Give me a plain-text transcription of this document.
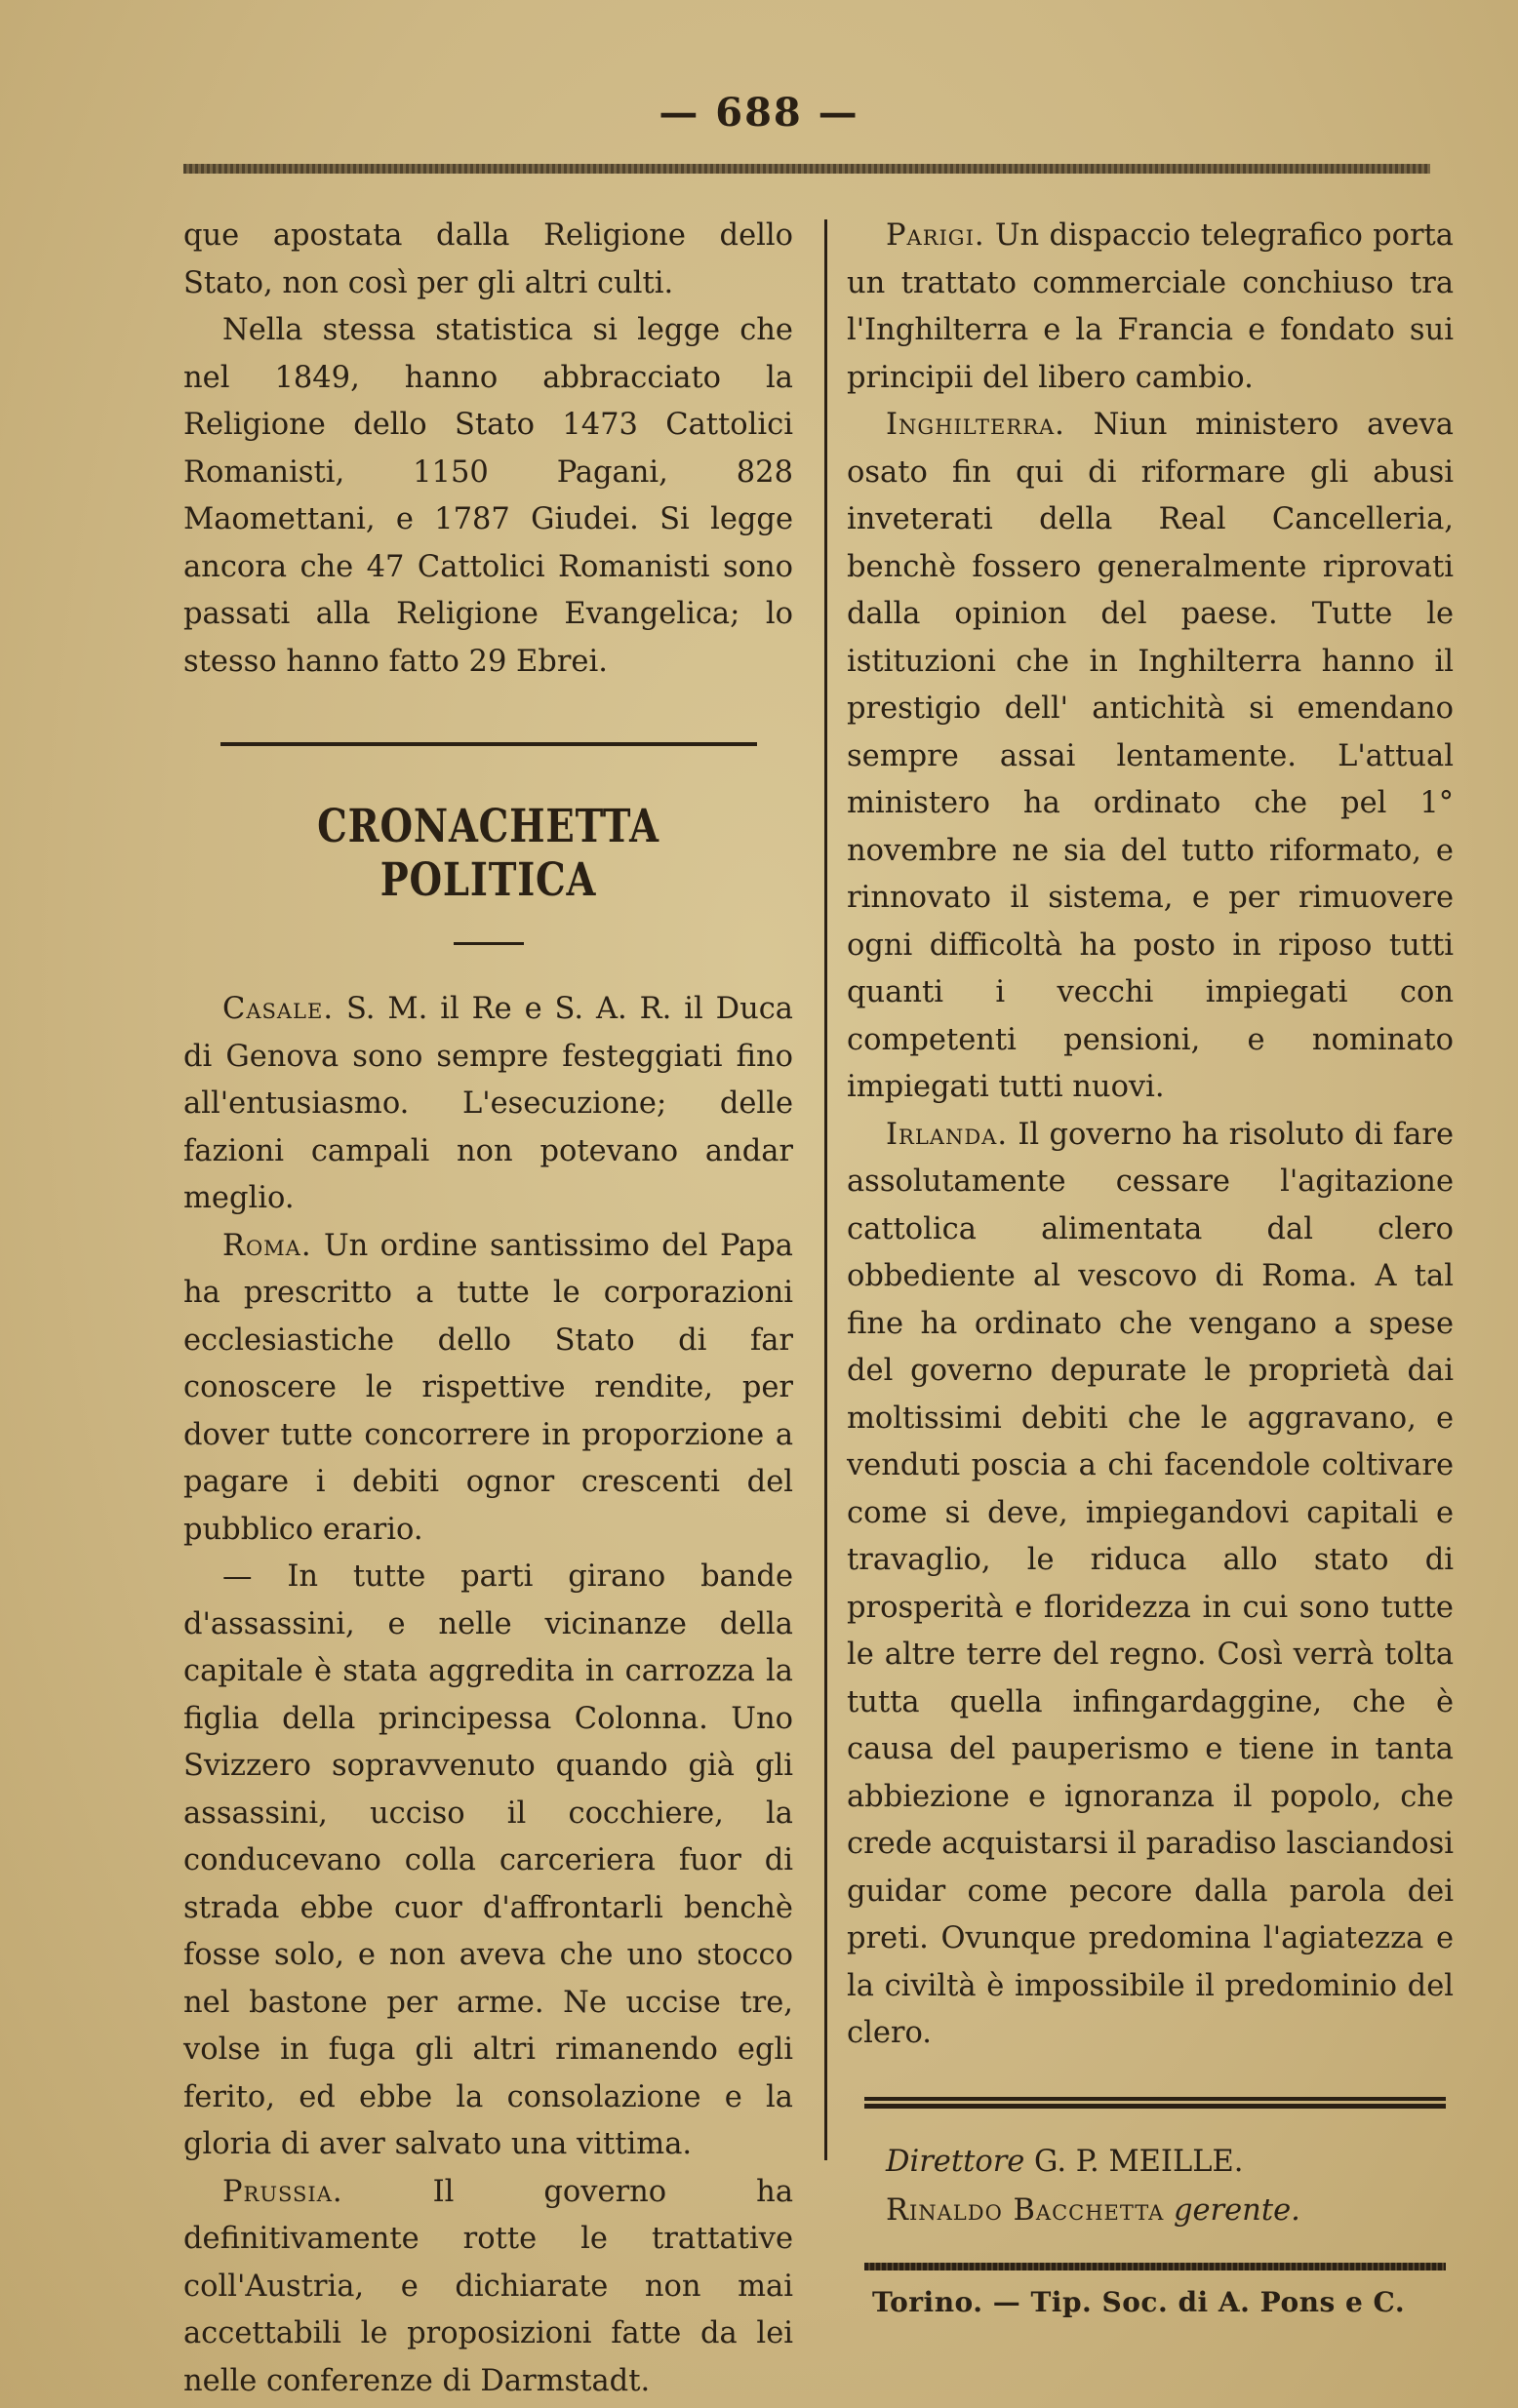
— 688 —

que apostata dalla Religione dello Stato, non così per gli altri culti.

Nella stessa statistica si legge che nel 1849, hanno abbracciato la Religione dello Stato 1473 Cattolici Romanisti, 1150 Pagani, 828 Maomettani, e 1787 Giudei. Si legge ancora che 47 Cattolici Romanisti sono passati alla Religione Evangelica; lo stesso hanno fatto 29 Ebrei.

CRONACHETTA POLITICA

Casale. S. M. il Re e S. A. R. il Duca di Genova sono sempre festeggiati fino all'entusiasmo. L'esecuzione; delle fazioni campali non potevano andar meglio.

Roma. Un ordine santissimo del Papa ha prescritto a tutte le corporazioni ecclesiastiche dello Stato di far conoscere le rispettive rendite, per dover tutte concorrere in proporzione a pagare i debiti ognor crescenti del pubblico erario.

— In tutte parti girano bande d'assassini, e nelle vicinanze della capitale è stata aggredita in carrozza la figlia della principessa Colonna. Uno Svizzero sopravvenuto quando già gli assassini, ucciso il cocchiere, la conducevano colla carceriera fuor di strada ebbe cuor d'affrontarli benchè fosse solo, e non aveva che uno stocco nel bastone per arme. Ne uccise tre, volse in fuga gli altri rimanendo egli ferito, ed ebbe la consolazione e la gloria di aver salvato una vittima.

Prussia. Il governo ha definitivamente rotte le trattative coll'Austria, e dichiarate non mai accettabili le proposizioni fatte da lei nelle conferenze di Darmstadt.

Parigi. Un dispaccio telegrafico porta un trattato commerciale conchiuso tra l'Inghilterra e la Francia e fondato sui principii del libero cambio.

Inghilterra. Niun ministero aveva osato fin qui di riformare gli abusi inveterati della Real Cancelleria, benchè fossero generalmente riprovati dalla opinion del paese. Tutte le istituzioni che in Inghilterra hanno il prestigio dell' antichità si emendano sempre assai lentamente. L'attual ministero ha ordinato che pel 1° novembre ne sia del tutto riformato, e rinnovato il sistema, e per rimuovere ogni difficoltà ha posto in riposo tutti quanti i vecchi impiegati con competenti pensioni, e nominato impiegati tutti nuovi.

Irlanda. Il governo ha risoluto di fare assolutamente cessare l'agitazione cattolica alimentata dal clero obbediente al vescovo di Roma. A tal fine ha ordinato che vengano a spese del governo depurate le proprietà dai moltissimi debiti che le aggravano, e venduti poscia a chi facendole coltivare come si deve, impiegandovi capitali e travaglio, le riduca allo stato di prosperità e floridezza in cui sono tutte le altre terre del regno. Così verrà tolta tutta quella infingardaggine, che è causa del pauperismo e tiene in tanta abbiezione e ignoranza il popolo, che crede acquistarsi il paradiso lasciandosi guidar come pecore dalla parola dei preti. Ovunque predomina l'agiatezza e la civiltà è impossibile il predominio del clero.

Direttore G. P. MEILLE.
Rinaldo Bacchetta gerente.
Torino. — Tip. Soc. di A. Pons e C.
